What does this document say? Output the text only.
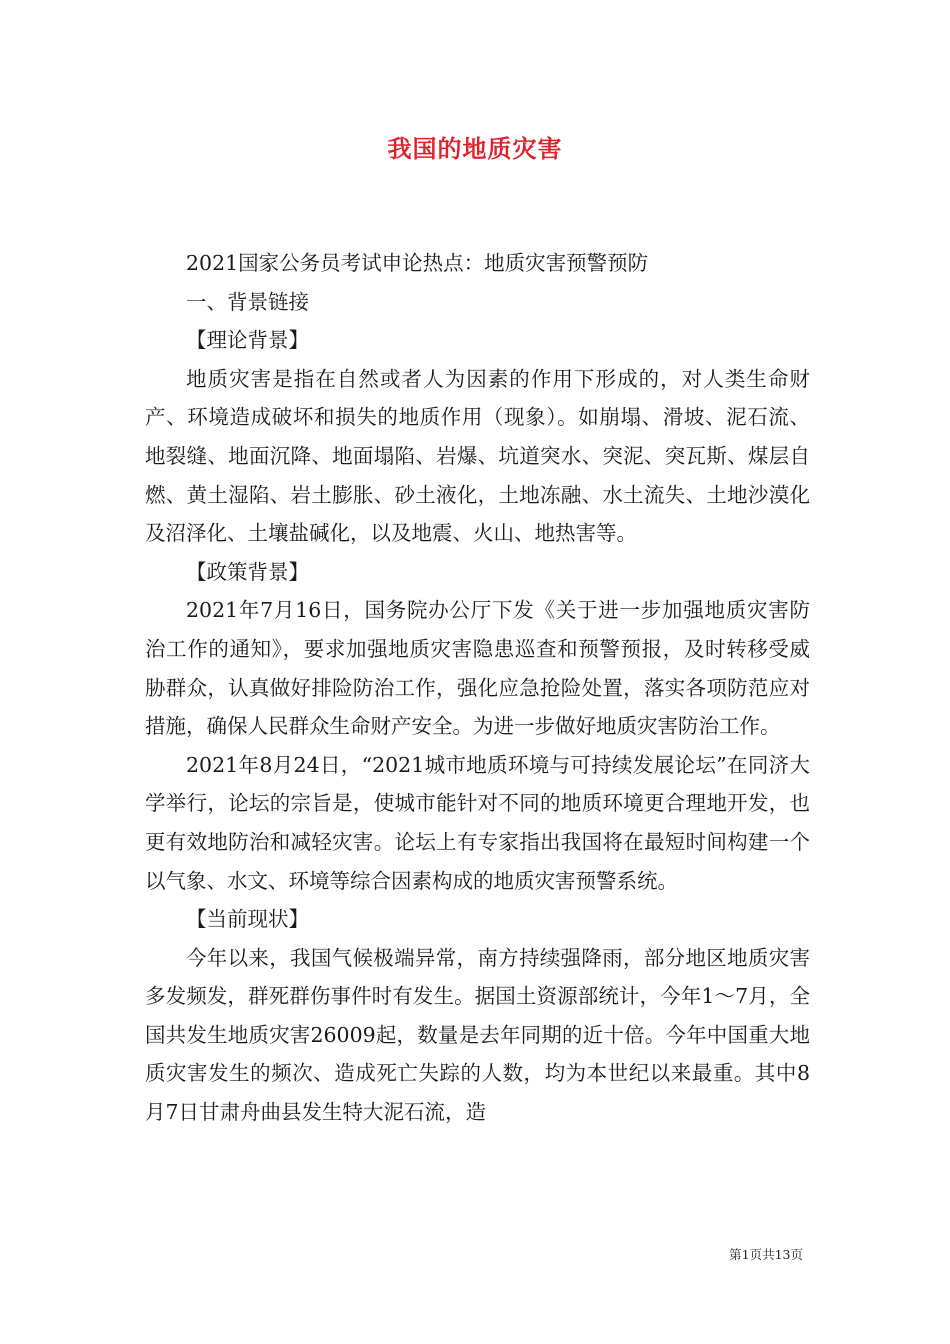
我国的地质灾害

2021国家公务员考试申论热点：地质灾害预警预防

一、背景链接

【理论背景】

地质灾害是指在自然或者人为因素的作用下形成的，对人类生命财产、环境造成破坏和损失的地质作用（现象）。如崩塌、滑坡、泥石流、地裂缝、地面沉降、地面塌陷、岩爆、坑道突水、突泥、突瓦斯、煤层自燃、黄土湿陷、岩土膨胀、砂土液化，土地冻融、水土流失、土地沙漠化及沼泽化、土壤盐碱化，以及地震、火山、地热害等。

【政策背景】

2021年7月16日，国务院办公厅下发《关于进一步加强地质灾害防治工作的通知》，要求加强地质灾害隐患巡查和预警预报，及时转移受威胁群众，认真做好排险防治工作，强化应急抢险处置，落实各项防范应对措施，确保人民群众生命财产安全。为进一步做好地质灾害防治工作。

2021年8月24日，“2021城市地质环境与可持续发展论坛”在同济大学举行，论坛的宗旨是，使城市能针对不同的地质环境更合理地开发，也更有效地防治和减轻灾害。论坛上有专家指出我国将在最短时间构建一个以气象、水文、环境等综合因素构成的地质灾害预警系统。

【当前现状】

今年以来，我国气候极端异常，南方持续强降雨，部分地区地质灾害多发频发，群死群伤事件时有发生。据国土资源部统计，今年1～7月，全国共发生地质灾害26009起，数量是去年同期的近十倍。今年中国重大地质灾害发生的频次、造成死亡失踪的人数，均为本世纪以来最重。其中8月7日甘肃舟曲县发生特大泥石流，造

第1页共13页
